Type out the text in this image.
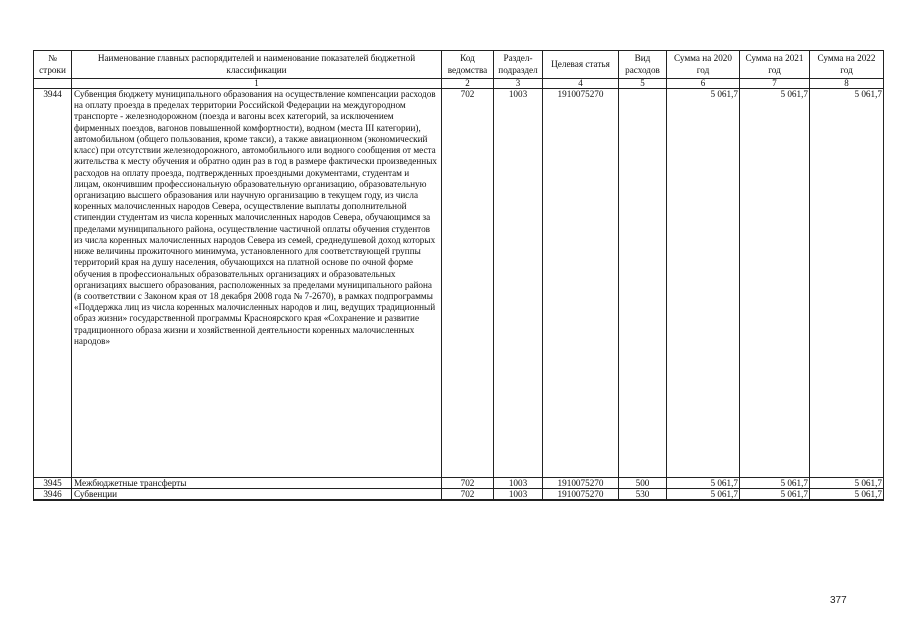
№ строки	Наименование главных распорядителей и наименование показателей бюджетной классификации	Код ведомства	Раздел-подраздел	Целевая статья	Вид расходов	Сумма на 2020 год	Сумма на 2021 год	Сумма на 2022 год
	1	2	3	4	5	6	7	8
3944	Субвенция бюджету муниципального образования на осуществление компенсации расходов на оплату проезда в пределах территории Российской Федерации на междугородном транспорте - железнодорожном (поезда и вагоны всех категорий, за исключением фирменных поездов, вагонов повышенной комфортности), водном (места III категории), автомобильном (общего пользования, кроме такси), а также авиационном (экономический класс) при отсутствии железнодорожного, автомобильного или водного сообщения от места жительства к месту обучения и обратно один раз в год в размере фактически произведенных расходов на оплату проезда, подтвержденных проездными документами, студентам и лицам, окончившим профессиональную образовательную организацию, образовательную организацию высшего образования или научную организацию в текущем году, из числа коренных малочисленных народов Севера, осуществление выплаты дополнительной стипендии студентам из числа коренных малочисленных народов Севера, обучающимся за пределами муниципального района, осуществление частичной оплаты обучения студентов из числа коренных малочисленных народов Севера из семей, среднедушевой доход которых ниже величины прожиточного минимума, установленного для соответствующей группы территорий края на душу населения, обучающихся на платной основе по очной форме обучения в профессиональных образовательных организациях и образовательных организациях высшего образования, расположенных за пределами муниципального района (в соответствии с Законом края от 18 декабря 2008 года № 7-2670), в рамках подпрограммы «Поддержка лиц из числа коренных малочисленных народов и лиц, ведущих традиционный образ жизни» государственной программы Красноярского края «Сохранение и развитие традиционного образа жизни и хозяйственной деятельности коренных малочисленных народов»	702	1003	1910075270		5 061,7	5 061,7	5 061,7
3945	Межбюджетные трансферты	702	1003	1910075270	500	5 061,7	5 061,7	5 061,7
3946	Субвенции	702	1003	1910075270	530	5 061,7	5 061,7	5 061,7
377
